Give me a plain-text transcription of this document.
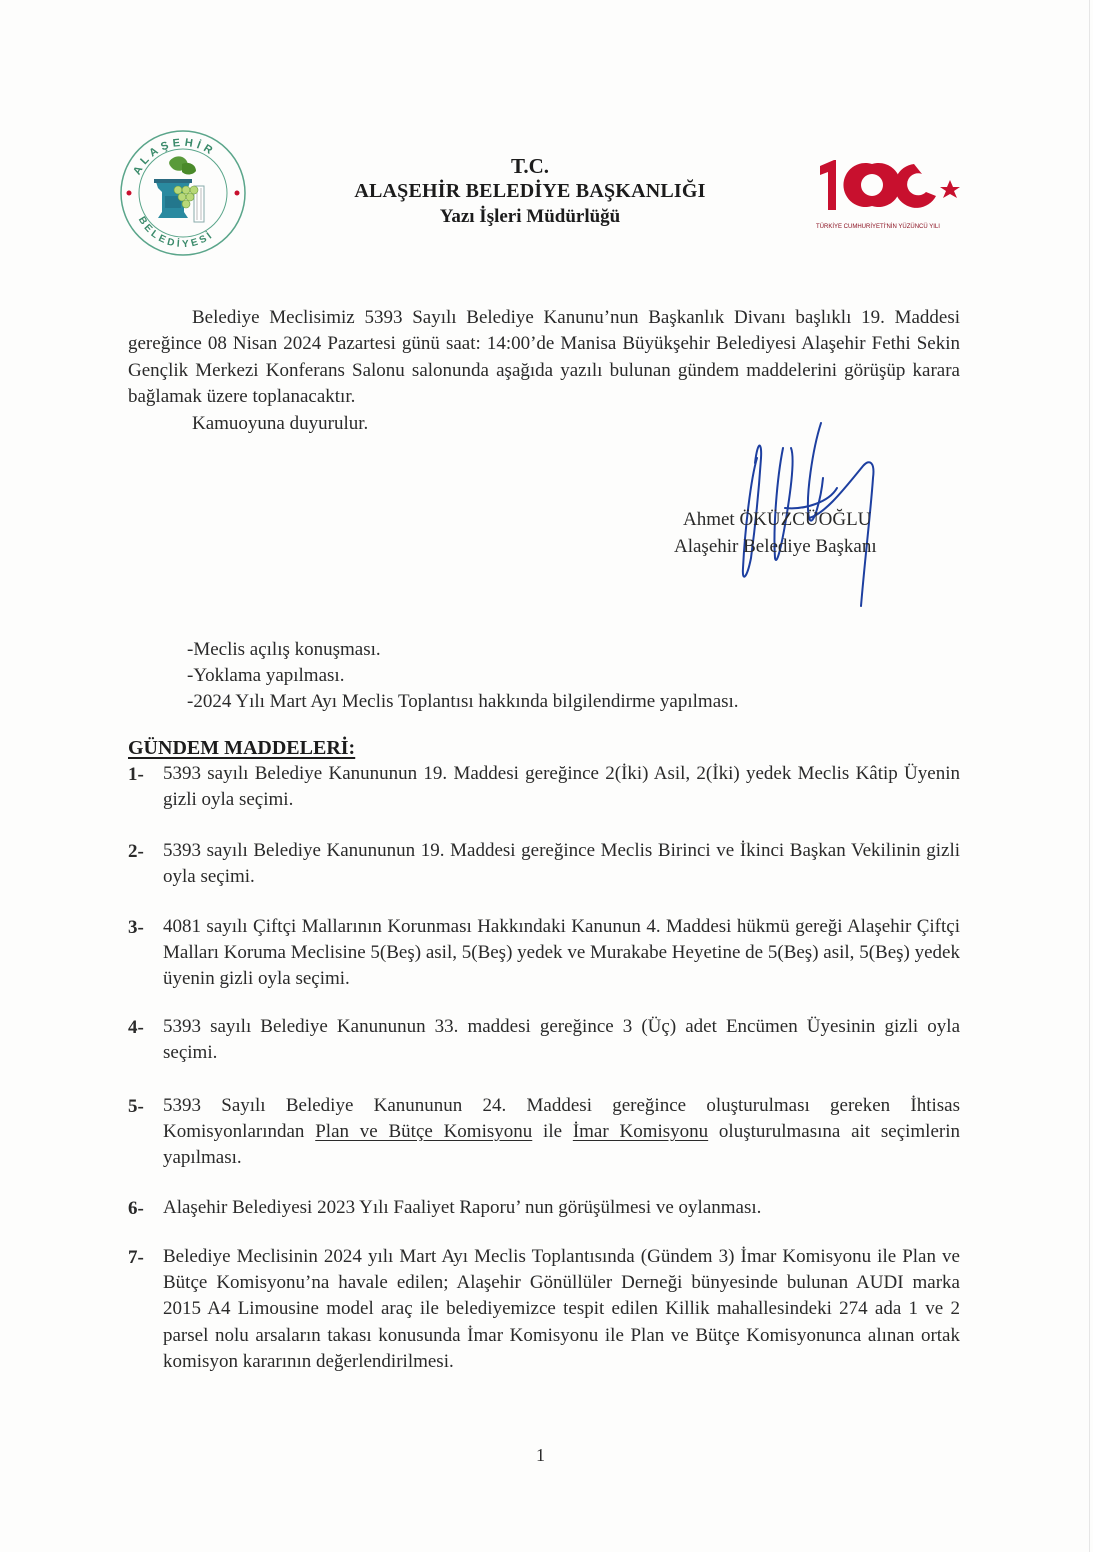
ALAŞEHİR
BELEDİYESİ
T.C.
ALAŞEHİR BELEDİYE BAŞKANLIĞI
Yazı İşleri Müdürlüğü	TÜRKİYE CUMHURİYETİ'NİN YÜZÜNCÜ YILI

Belediye Meclisimiz 5393 Sayılı Belediye Kanunu’nun Başkanlık Divanı başlıklı 19. Maddesi gereğince 08 Nisan 2024 Pazartesi günü saat: 14:00’de Manisa Büyükşehir Belediyesi Alaşehir Fethi Sekin Gençlik Merkezi Konferans Salonu salonunda aşağıda yazılı bulunan gündem maddelerini görüşüp karara bağlamak üzere toplanacaktır.

Kamuoyuna duyurulur.

Ahmet ÖKÜZCÜOĞLU
Alaşehir Belediye Başkanı
-Meclis açılış konuşması.
-Yoklama yapılması.
-2024 Yılı Mart Ayı Meclis Toplantısı hakkında bilgilendirme yapılması.
GÜNDEM MADDELERİ:
1- 5393 sayılı Belediye Kanununun 19. Maddesi gereğince 2(İki) Asil, 2(İki) yedek Meclis Kâtip Üyenin gizli oyla seçimi.
2- 5393 sayılı Belediye Kanununun 19. Maddesi gereğince Meclis Birinci ve İkinci Başkan Vekilinin gizli oyla seçimi.
3- 4081 sayılı Çiftçi Mallarının Korunması Hakkındaki Kanunun 4. Maddesi hükmü gereği Alaşehir Çiftçi Malları Koruma Meclisine 5(Beş) asil, 5(Beş) yedek ve Murakabe Heyetine de 5(Beş) asil, 5(Beş) yedek üyenin gizli oyla seçimi.
4- 5393 sayılı Belediye Kanununun 33. maddesi gereğince 3 (Üç) adet Encümen Üyesinin gizli oyla seçimi.
5- 5393 Sayılı Belediye Kanununun 24. Maddesi gereğince oluşturulması gereken İhtisas Komisyonlarından Plan ve Bütçe Komisyonu ile İmar Komisyonu oluşturulmasına ait seçimlerin yapılması.
6- Alaşehir Belediyesi 2023 Yılı Faaliyet Raporu’ nun görüşülmesi ve oylanması.
7- Belediye Meclisinin 2024 yılı Mart Ayı Meclis Toplantısında (Gündem 3) İmar Komisyonu ile Plan ve Bütçe Komisyonu’na havale edilen; Alaşehir Gönüllüler Derneği bünyesinde bulunan AUDI marka 2015 A4 Limousine model araç ile belediyemizce tespit edilen Killik mahallesindeki 274 ada 1 ve 2 parsel nolu arsaların takası konusunda İmar Komisyonu ile Plan ve Bütçe Komisyonunca alınan ortak komisyon kararının değerlendirilmesi.
1
